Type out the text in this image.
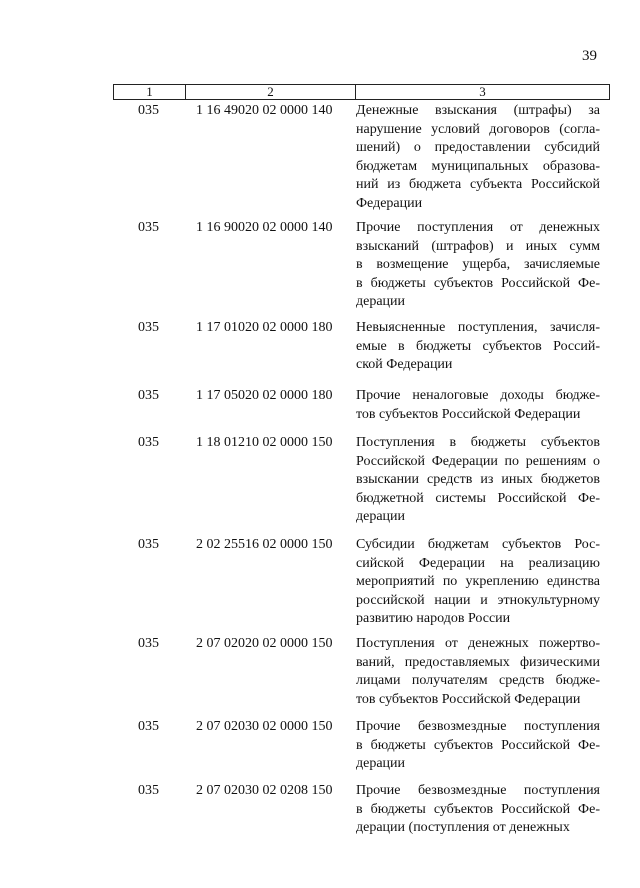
39
1	2	3
035	1 16 49020 02 0000 140 Денежные взыскания (штрафы) за
нарушение условий договоров (согла-
шений) о предоставлении субсидий
бюджетам муниципальных образова-
ний из бюджета субъекта Российской
Федерации
035	1 16 90020 02 0000 140 Прочие поступления от денежных
взысканий (штрафов) и иных сумм
в возмещение ущерба, зачисляемые
в бюджеты субъектов Российской Фе-
дерации
035	1 17 01020 02 0000 180 Невыясненные поступления, зачисля-
емые в бюджеты субъектов Россий-
ской Федерации
035	1 17 05020 02 0000 180 Прочие неналоговые доходы бюдже-
тов субъектов Российской Федерации
035	1 18 01210 02 0000 150 Поступления в бюджеты субъектов
Российской Федерации по решениям о
взыскании средств из иных бюджетов
бюджетной системы Российской Фе-
дерации
035	2 02 25516 02 0000 150 Субсидии бюджетам субъектов Рос-
сийской Федерации на реализацию
мероприятий по укреплению единства
российской нации и этнокультурному
развитию народов России
035	2 07 02020 02 0000 150 Поступления от денежных пожертво-
ваний, предоставляемых физическими
лицами получателям средств бюдже-
тов субъектов Российской Федерации
035	2 07 02030 02 0000 150 Прочие безвозмездные поступления
в бюджеты субъектов Российской Фе-
дерации
035	2 07 02030 02 0208 150 Прочие безвозмездные поступления
в бюджеты субъектов Российской Фе-
дерации (поступления от денежных
